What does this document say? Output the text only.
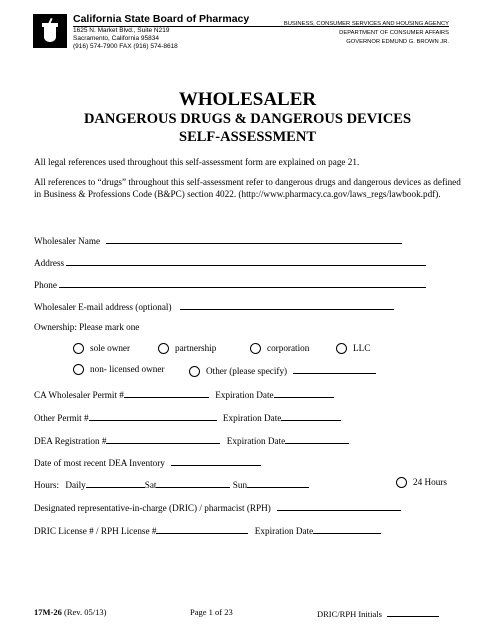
California State Board of Pharmacy
1625 N. Market Blvd., Suite N219
Sacramento, California 95834
(916) 574-7900 FAX (916) 574-8618
BUSINESS, CONSUMER SERVICES AND HOUSING AGENCY
DEPARTMENT OF CONSUMER AFFAIRS
GOVERNOR EDMUND G. BROWN JR.
WHOLESALER
DANGEROUS DRUGS & DANGEROUS DEVICES
SELF-ASSESSMENT
All legal references used throughout this self-assessment form are explained on page 21.
All references to “drugs” throughout this self-assessment refer to dangerous drugs and dangerous devices as defined in Business & Professions Code (B&PC) section 4022. (http://www.pharmacy.ca.gov/laws_regs/lawbook.pdf).
Wholesaler Name
Address
Phone
Wholesaler E-mail address (optional)
Ownership: Please mark one
sole owner	partnership	corporation	LLC
non- licensed owner	Other (please specify)
CA Wholesaler Permit #	Expiration Date
Other Permit #	Expiration Date
DEA Registration #	Expiration Date
Date of most recent DEA Inventory
Hours: Daily	Sat	Sun	24 Hours
Designated representative-in-charge (DRIC) / pharmacist (RPH)
DRIC License # / RPH License #	Expiration Date
17M-26 (Rev. 05/13)	Page 1 of 23	DRIC/RPH Initials
